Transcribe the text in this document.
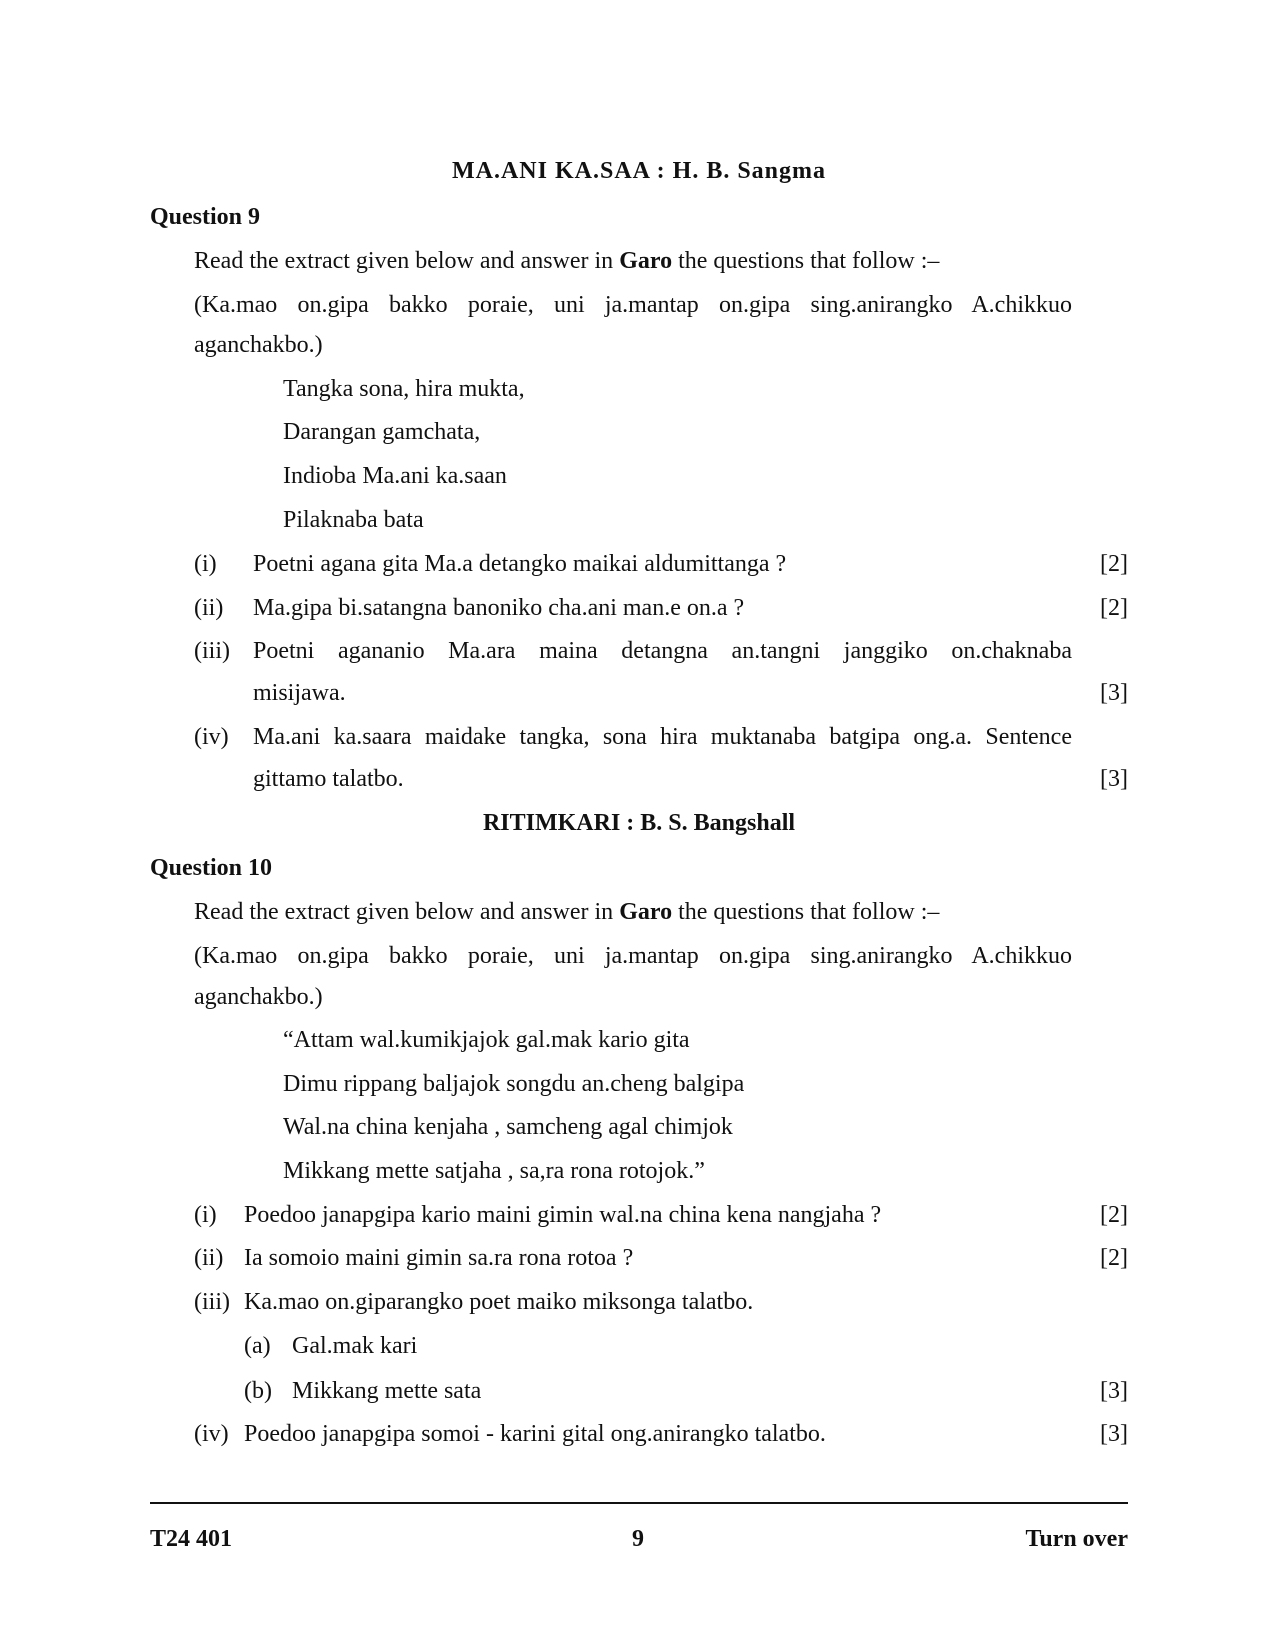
MA.ANI KA.SAA : H. B. Sangma
Question 9
Read the extract given below and answer in Garo the questions that follow :–
(Ka.mao on.gipa bakko poraie, uni ja.mantap on.gipa sing.anirangko A.chikkuo
aganchakbo.)
Tangka sona, hira mukta,
Darangan gamchata,
Indioba Ma.ani ka.saan
Pilaknaba bata
(i) Poetni agana gita Ma.a detangko maikai aldumittanga ?	[2]
(ii) Ma.gipa bi.satangna banoniko cha.ani man.e on.a ?	[2]
(iii) Poetni agananio Ma.ara maina detangna an.tangni janggiko on.chaknaba
misijawa.	[3]
(iv) Ma.ani ka.saara maidake tangka, sona hira muktanaba batgipa ong.a. Sentence
gittamo talatbo.	[3]
RITIMKARI : B. S. Bangshall
Question 10
Read the extract given below and answer in Garo the questions that follow :–
(Ka.mao on.gipa bakko poraie, uni ja.mantap on.gipa sing.anirangko A.chikkuo
aganchakbo.)
“Attam wal.kumikjajok gal.mak kario gita
Dimu rippang baljajok songdu an.cheng balgipa
Wal.na china kenjaha , samcheng agal chimjok
Mikkang mette satjaha , sa,ra rona rotojok.”
(i) Poedoo janapgipa kario maini gimin wal.na china kena nangjaha ?	[2]
(ii) Ia somoio maini gimin sa.ra rona rotoa ?	[2]
(iii) Ka.mao on.giparangko poet maiko miksonga talatbo.
(a) Gal.mak kari
(b) Mikkang mette sata	[3]
(iv) Poedoo janapgipa somoi - karini gital ong.anirangko talatbo.	[3]
T24 401	9	Turn over
